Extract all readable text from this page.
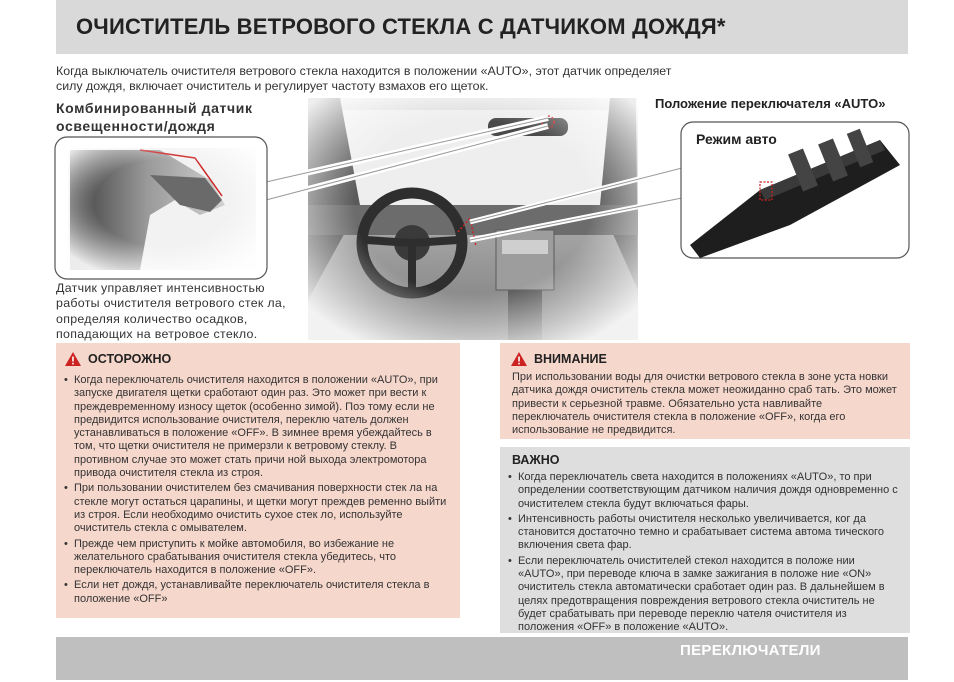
ОЧИСТИТЕЛЬ ВЕТРОВОГО СТЕКЛА С ДАТЧИКОМ ДОЖДЯ*
Когда выключатель очистителя ветрового стекла находится в положении «AUTO», этот датчик определяет силу дождя, включает очиститель и регулирует частоту взмахов его щеток.
Комбинированный датчик освещенности/дождя
Положение переключателя «AUTO»
Режим авто
Датчик управляет интенсивностью работы очистителя ветрового стек ла, определяя количество осадков, попадающих на ветровое стекло.
ОСТОРОЖНО
• Когда переключатель очистителя находится в положении «AUTO», при запуске двигателя щетки сработают один раз. Это может при вести к преждевременному износу щеток (особенно зимой). Поэ тому если не предвидится использование очистителя, переклю чатель должен устанавливаться в положение «OFF». В зимнее время убеждайтесь в том, что щетки очистителя не примерзли к ветровому стеклу. В противном случае это может стать причи ной выхода электромотора привода очистителя стекла из строя.
• При пользовании очистителем без смачивания поверхности стек ла на стекле могут остаться царапины, и щетки могут преждев ременно выйти из строя. Если необходимо очистить сухое стек ло, используйте очиститель стекла с омывателем.
• Прежде чем приступить к мойке автомобиля, во избежание не желательного срабатывания очистителя стекла убедитесь, что переключатель находится в положение «OFF».
• Если нет дождя, устанавливайте переключатель очистителя стекла в положение «OFF»
ВНИМАНИЕ
При использовании воды для очистки ветрового стекла в зоне уста новки датчика дождя очиститель стекла может неожиданно сраб тать. Это может привести к серьезной травме. Обязательно уста навливайте переключатель очистителя стекла в положение «OFF», когда его использование не предвидится.
ВАЖНО
• Когда переключатель света находится в положениях «AUTO», то при определении соответствующим датчиком наличия дождя одновременно с очистителем стекла будут включаться фары.
• Интенсивность работы очистителя несколько увеличивается, ког да становится достаточно темно и срабатывает система автома тического включения света фар.
• Если переключатель очистителей стекол находится в положе нии «AUTO», при переводе ключа в замке зажигания в положе ние «ON» очиститель стекла автоматически сработает один раз. В дальнейшем в целях предотвращения повреждения ветрового стекла очиститель не будет срабатывать при переводе переклю чателя очистителя из положения «OFF» в положение «AUTO».
ПЕРЕКЛЮЧАТЕЛИ
